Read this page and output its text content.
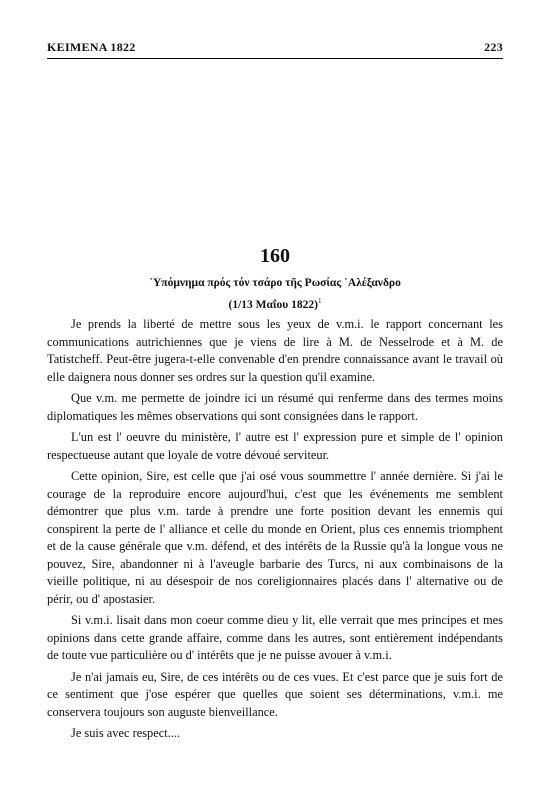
KEIMENA 1822	223
160
᾽Υπόμνημα πρός τόν τσάρο τῆς Ρωσίας ᾽Αλέξανδρο
(1/13 Μαΐου 1822)$^1$

Je prends la liberté de mettre sous les yeux de v.m.i. le rapport concernant les communications autrichiennes que je viens de lire à M. de Nesselrode et à M. de Tatistcheff. Peut-être jugera-t-elle convenable d'en prendre connaissance avant le travail où elle daignera nous donner ses ordres sur la question qu'il examine.

Que v.m. me permette de joindre ici un résumé qui renferme dans des termes moins diplomatiques les mêmes observations qui sont consignées dans le rapport.

L'un est l' oeuvre du ministère, l' autre est l' expression pure et simple de l' opinion respectueuse autant que loyale de votre dévoué serviteur.

Cette opinion, Sire, est celle que j'ai osé vous soummettre l' année dernière. Si j'ai le courage de la reproduire encore aujourd'hui, c'est que les événements me semblent démontrer que plus v.m. tarde à prendre une forte position devant les ennemis qui conspirent la perte de l' alliance et celle du monde en Orient, plus ces ennemis triomphent et de la cause générale que v.m. défend, et des intérêts de la Russie qu'à la longue vous ne pouvez, Sire, abandonner ni à l'aveugle barbarie des Turcs, ni aux combinaisons de la vieille politique, ni au désespoir de nos coreligionnaires placés dans l' alternative ou de périr, ou d' apostasier.

Si v.m.i. lisait dans mon coeur comme dieu y lit, elle verrait que mes principes et mes opinions dans cette grande affaire, comme dans les autres, sont entièrement indépendants de toute vue particulière ou d' intérêts que je ne puisse avouer à v.m.i.

Je n'ai jamais eu, Sire, de ces intérêts ou de ces vues. Et c'est parce que je suis fort de ce sentiment que j'ose espérer que quelles que soient ses déterminations, v.m.i. me conservera toujours son auguste bienveillance.

Je suis avec respect....
